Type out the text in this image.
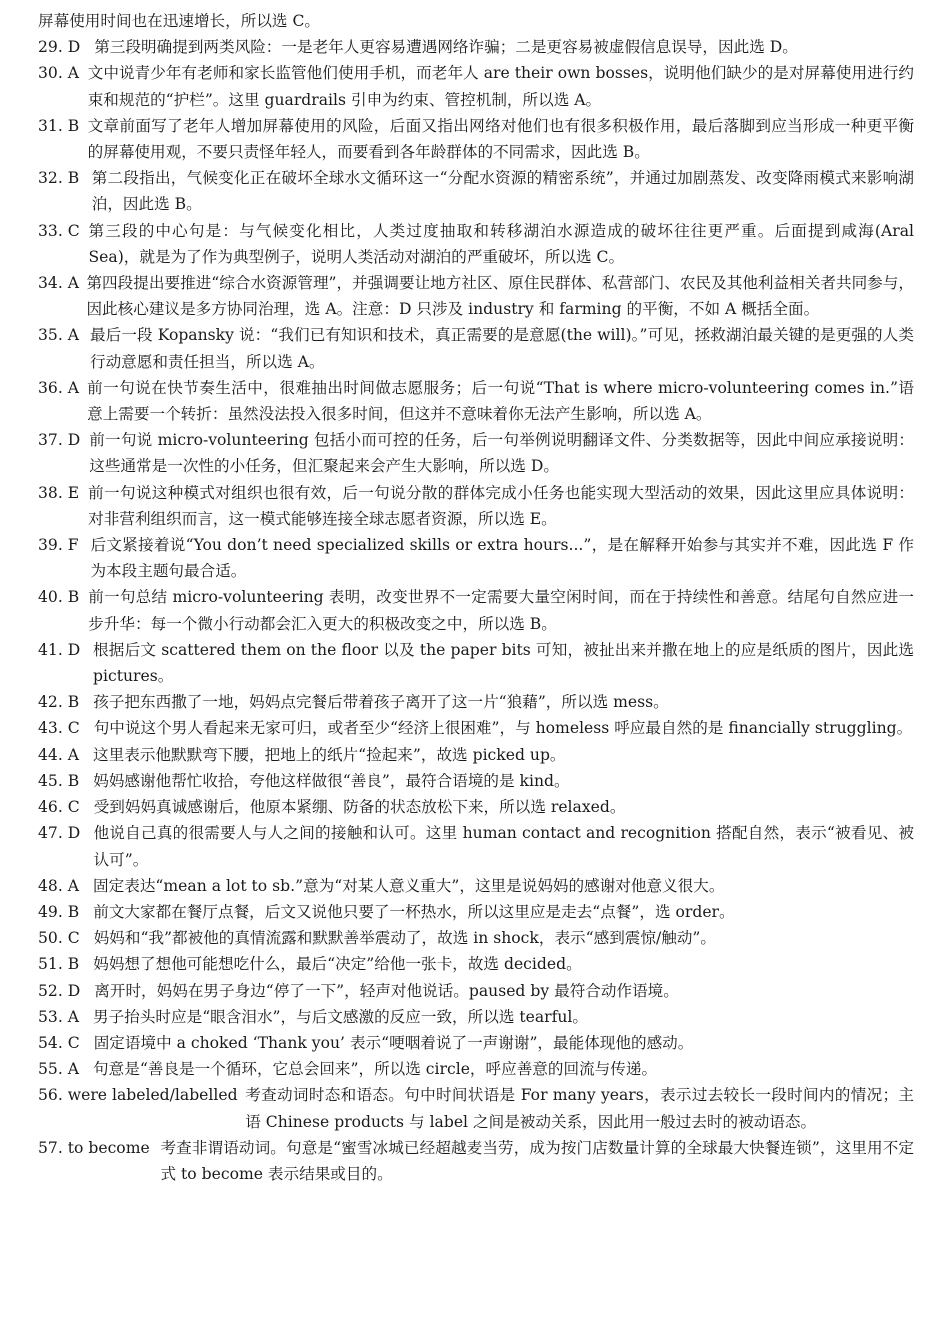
屏幕使用时间也在迅速增长，所以选 C。
29. D 第三段明确提到两类风险：一是老年人更容易遭遇网络诈骗；二是更容易被虚假信息误导，因此选 D。
30. A 文中说青少年有老师和家长监管他们使用手机，而老年人 are their own bosses，说明他们缺少的是对屏幕使用进行约束和规范的“护栏”。这里 guardrails 引申为约束、管控机制，所以选 A。
31. B 文章前面写了老年人增加屏幕使用的风险，后面又指出网络对他们也有很多积极作用，最后落脚到应当形成一种更平衡的屏幕使用观，不要只责怪年轻人，而要看到各年龄群体的不同需求，因此选 B。
32. B 第二段指出，气候变化正在破坏全球水文循环这一“分配水资源的精密系统”，并通过加剧蒸发、改变降雨模式来影响湖泊，因此选 B。
33. C 第三段的中心句是：与气候变化相比，人类过度抽取和转移湖泊水源造成的破坏往往更严重。后面提到咸海(Aral Sea)，就是为了作为典型例子，说明人类活动对湖泊的严重破坏，所以选 C。
34. A 第四段提出要推进“综合水资源管理”，并强调要让地方社区、原住民群体、私营部门、农民及其他利益相关者共同参与，因此核心建议是多方协同治理，选 A。注意：D 只涉及 industry 和 farming 的平衡，不如 A 概括全面。
35. A 最后一段 Kopansky 说：“我们已有知识和技术，真正需要的是意愿(the will)。”可见，拯救湖泊最关键的是更强的人类行动意愿和责任担当，所以选 A。
36. A 前一句说在快节奏生活中，很难抽出时间做志愿服务；后一句说“That is where micro-volunteering comes in.”语意上需要一个转折：虽然没法投入很多时间，但这并不意味着你无法产生影响，所以选 A。
37. D 前一句说 micro-volunteering 包括小而可控的任务，后一句举例说明翻译文件、分类数据等，因此中间应承接说明：这些通常是一次性的小任务，但汇聚起来会产生大影响，所以选 D。
38. E 前一句说这种模式对组织也很有效，后一句说分散的群体完成小任务也能实现大型活动的效果，因此这里应具体说明：对非营利组织而言，这一模式能够连接全球志愿者资源，所以选 E。
39. F 后文紧接着说“You don’t need specialized skills or extra hours...”，是在解释开始参与其实并不难，因此选 F 作为本段主题句最合适。
40. B 前一句总结 micro-volunteering 表明，改变世界不一定需要大量空闲时间，而在于持续性和善意。结尾句自然应进一步升华：每一个微小行动都会汇入更大的积极改变之中，所以选 B。
41. D 根据后文 scattered them on the floor 以及 the paper bits 可知，被扯出来并撒在地上的应是纸质的图片，因此选 pictures。
42. B 孩子把东西撒了一地，妈妈点完餐后带着孩子离开了这一片“狼藉”，所以选 mess。
43. C 句中说这个男人看起来无家可归，或者至少“经济上很困难”，与 homeless 呼应最自然的是 financially struggling。
44. A 这里表示他默默弯下腰，把地上的纸片“捡起来”，故选 picked up。
45. B 妈妈感谢他帮忙收拾，夸他这样做很“善良”，最符合语境的是 kind。
46. C 受到妈妈真诚感谢后，他原本紧绷、防备的状态放松下来，所以选 relaxed。
47. D 他说自己真的很需要人与人之间的接触和认可。这里 human contact and recognition 搭配自然，表示“被看见、被认可”。
48. A 固定表达“mean a lot to sb.”意为“对某人意义重大”，这里是说妈妈的感谢对他意义很大。
49. B 前文大家都在餐厅点餐，后文又说他只要了一杯热水，所以这里应是走去“点餐”，选 order。
50. C 妈妈和“我”都被他的真情流露和默默善举震动了，故选 in shock，表示“感到震惊/触动”。
51. B 妈妈想了想他可能想吃什么，最后“决定”给他一张卡，故选 decided。
52. D 离开时，妈妈在男子身边“停了一下”，轻声对他说话。paused by 最符合动作语境。
53. A 男子抬头时应是“眼含泪水”，与后文感激的反应一致，所以选 tearful。
54. C 固定语境中 a choked ‘Thank you’ 表示“哽咽着说了一声谢谢”，最能体现他的感动。
55. A 句意是“善良是一个循环，它总会回来”，所以选 circle，呼应善意的回流与传递。
56. were labeled/labelled 考查动词时态和语态。句中时间状语是 For many years，表示过去较长一段时间内的情况；主语 Chinese products 与 label 之间是被动关系，因此用一般过去时的被动语态。
57. to become 考查非谓语动词。句意是“蜜雪冰城已经超越麦当劳，成为按门店数量计算的全球最大快餐连锁”，这里用不定式 to become 表示结果或目的。
